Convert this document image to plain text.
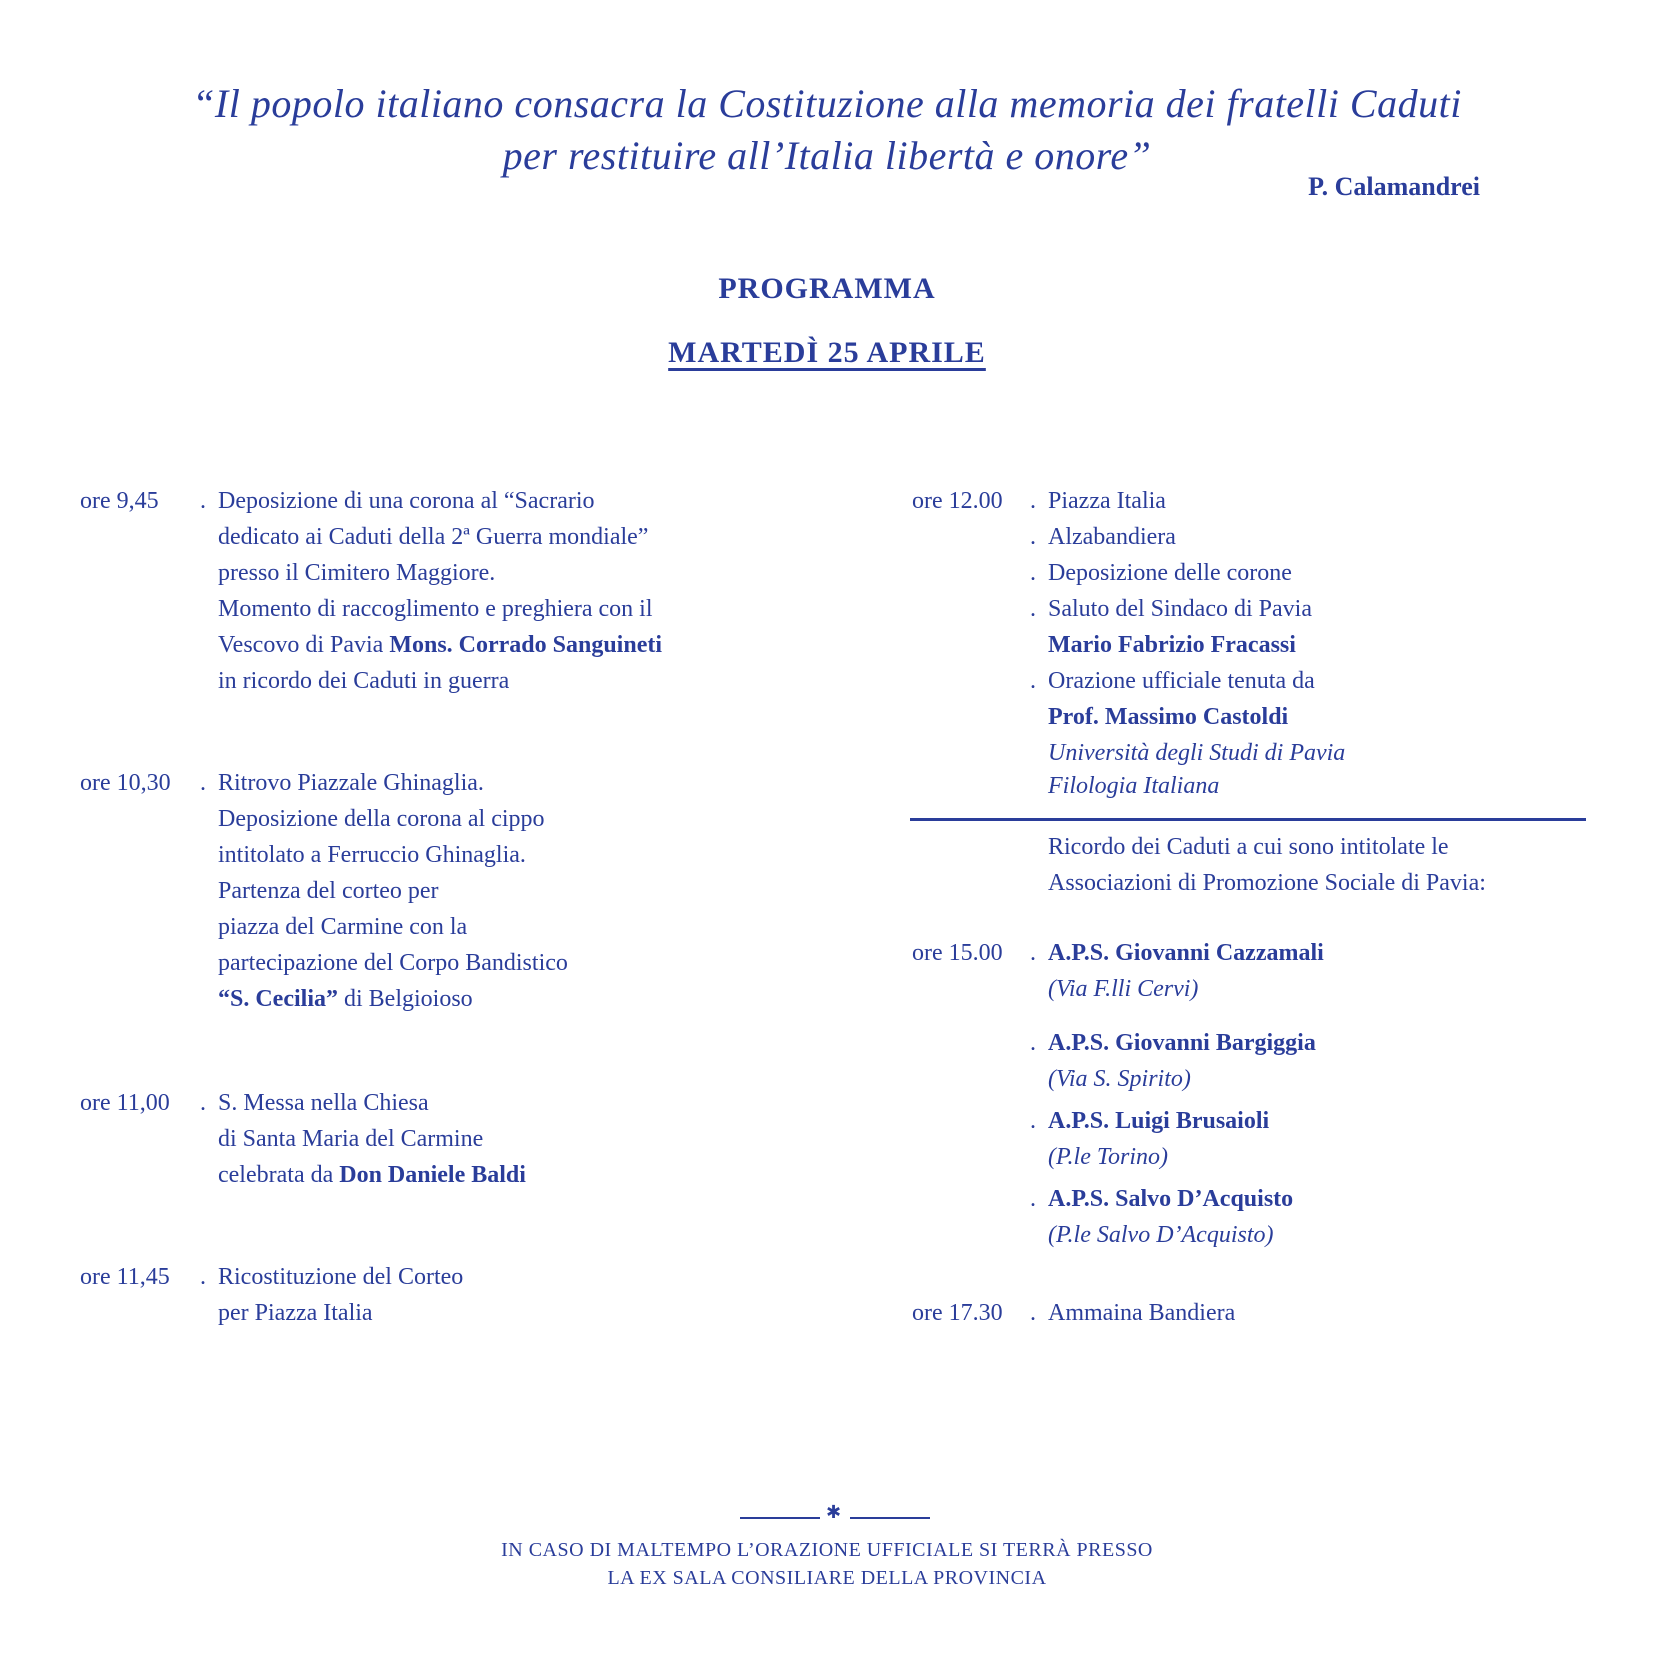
“Il popolo italiano consacra la Costituzione alla memoria dei fratelli Caduti
per restituire all’Italia libertà e onore”
P. Calamandrei
PROGRAMMA
MARTEDÌ 25 APRILE
ore 9,45 . Deposizione di una corona al “Sacrario
dedicato ai Caduti della 2ª Guerra mondiale”
presso il Cimitero Maggiore.
Momento di raccoglimento e preghiera con il
Vescovo di Pavia Mons. Corrado Sanguineti
in ricordo dei Caduti in guerra
ore 10,30 . Ritrovo Piazzale Ghinaglia.
Deposizione della corona al cippo
intitolato a Ferruccio Ghinaglia.
Partenza del corteo per
piazza del Carmine con la
partecipazione del Corpo Bandistico
“S. Cecilia” di Belgioioso
ore 11,00 . S. Messa nella Chiesa
di Santa Maria del Carmine
celebrata da Don Daniele Baldi
ore 11,45 . Ricostituzione del Corteo
per Piazza Italia
ore 12.00 . Piazza Italia
. Alzabandiera
. Deposizione delle corone
. Saluto del Sindaco di Pavia
Mario Fabrizio Fracassi
. Orazione ufficiale tenuta da
Prof. Massimo Castoldi
Università degli Studi di Pavia
Filologia Italiana
Ricordo dei Caduti a cui sono intitolate le
Associazioni di Promozione Sociale di Pavia:
ore 15.00 . A.P.S. Giovanni Cazzamali
(Via F.lli Cervi)
. A.P.S. Giovanni Bargiggia
(Via S. Spirito)
. A.P.S. Luigi Brusaioli
(P.le Torino)
. A.P.S. Salvo D’Acquisto
(P.le Salvo D’Acquisto)
ore 17.30 . Ammaina Bandiera
✱
IN CASO DI MALTEMPO L’ORAZIONE UFFICIALE SI TERRÀ PRESSO
LA EX SALA CONSILIARE DELLA PROVINCIA
